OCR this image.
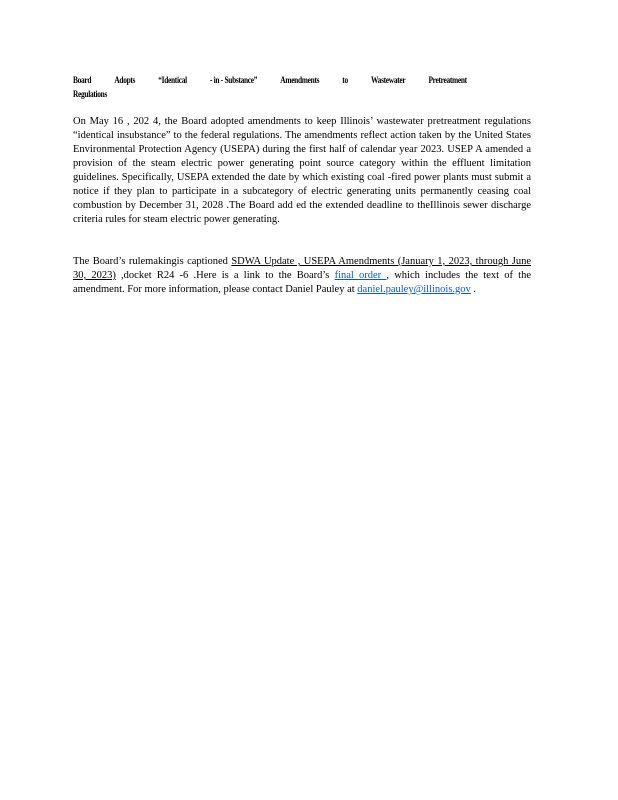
Board Adopts “Identical - in - Substance” Amendments to Wastewater Pretreatment
Regulations

On May 16 , 202 4, the Board adopted amendments to keep Illinois’ wastewater pretreatment regulations “identical insubstance” to the federal regulations. The amendments reflect action taken by the United States Environmental Protection Agency (USEPA) during the first half of calendar year 2023. USEP A amended a provision of the steam electric power generating point source category within the effluent limitation guidelines. Specifically, USEPA extended the date by which existing coal -fired power plants must submit a notice if they plan to participate in a subcategory of electric generating units permanently ceasing coal combustion by December 31, 2028 .The Board add ed the extended deadline to theIllinois sewer discharge criteria rules for steam electric power generating.

The Board’s rulemakingis captioned SDWA Update , USEPA Amendments (January 1, 2023, through June 30, 2023) ,docket R24 -6 .Here is a link to the Board’s final order , which includes the text of the amendment. For more information, please contact Daniel Pauley at daniel.pauley@illinois.gov .
